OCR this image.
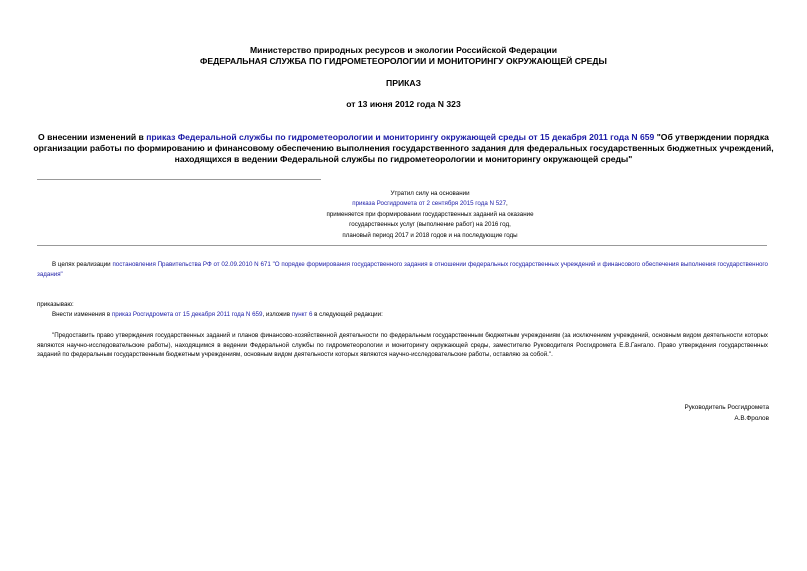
Министерство природных ресурсов и экологии Российской Федерации
ФЕДЕРАЛЬНАЯ СЛУЖБА ПО ГИДРОМЕТЕОРОЛОГИИ И МОНИТОРИНГУ ОКРУЖАЮЩЕЙ СРЕДЫ
ПРИКАЗ
от 13 июня 2012 года N 323
О внесении изменений в приказ Федеральной службы по гидрометеорологии и мониторингу окружающей среды от 15 декабря 2011 года N 659 "Об утверждении порядка организации работы по формированию и финансовому обеспечению выполнения государственного задания для федеральных государственных бюджетных учреждений, находящихся в ведении Федеральной службы по гидрометеорологии и мониторингу окружающей среды"
Утратил силу на основании
приказа Росгидромета от 2 сентября 2015 года N 527,
применяется при формировании государственных заданий на оказание
государственных услуг (выполнение работ) на 2016 год,
плановый период 2017 и 2018 годов и на последующие годы
В целях реализации постановления Правительства РФ от 02.09.2010 N 671 "О порядке формирования государственного задания в отношении федеральных государственных учреждений и финансового обеспечения выполнения государственного задания"
приказываю:
Внести изменения в приказ Росгидромета от 15 декабря 2011 года N 659, изложив пункт 6 в следующей редакции:
"Предоставить право утверждения государственных заданий и планов финансово-хозяйственной деятельности по федеральным государственным бюджетным учреждениям (за исключением учреждений, основным видом деятельности которых являются научно-исследовательские работы), находящимся в ведении Федеральной службы по гидрометеорологии и мониторингу окружающей среды, заместителю Руководителя Росгидромета Е.В.Гангало. Право утверждения государственных заданий по федеральным государственным бюджетным учреждениям, основным видом деятельности которых являются научно-исследовательские работы, оставляю за собой.".
Руководитель Росгидромета
А.В.Фролов
